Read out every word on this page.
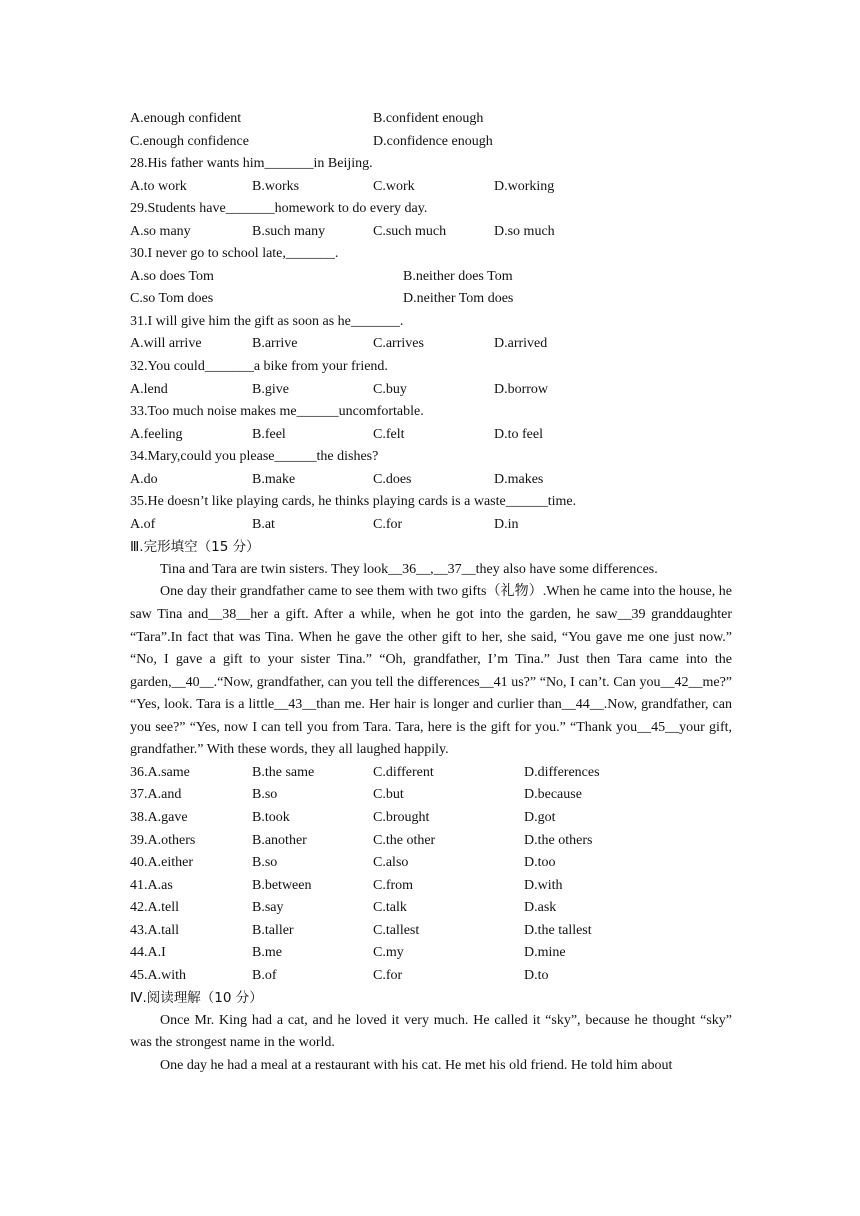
A.enough confident	B.confident enough
C.enough confidence	D.confidence enough
28.His father wants him_______in Beijing.
A.to work	B.works	C.work	D.working
29.Students have_______homework to do every day.
A.so many	B.such many	C.such much	D.so much
30.I never go to school late,_______.
A.so does Tom	B.neither does Tom
C.so Tom does	D.neither Tom does
31.I will give him the gift as soon as he_______.
A.will arrive	B.arrive	C.arrives	D.arrived
32.You could_______a bike from your friend.
A.lend	B.give	C.buy	D.borrow
33.Too much noise makes me______uncomfortable.
A.feeling	B.feel	C.felt	D.to feel
34.Mary,could you please______the dishes?
A.do	B.make	C.does	D.makes
35.He doesn’t like playing cards, he thinks playing cards is a waste______time.
A.of	B.at	C.for	D.in
Ⅲ.完形填空（15 分）

Tina and Tara are twin sisters. They look__36__,__37__they also have some differences.

One day their grandfather came to see them with two gifts（礼物）.When he came into the house, he saw Tina and__38__her a gift. After a while, when he got into the garden, he saw__39 granddaughter “Tara”.In fact that was Tina. When he gave the other gift to her, she said, “You gave me one just now.” “No, I gave a gift to your sister Tina.” “Oh, grandfather, I’m Tina.” Just then Tara came into the garden,__40__.“Now, grandfather, can you tell the differences__41 us?” “No, I can’t. Can you__42__me?” “Yes, look. Tara is a little__43__than me. Her hair is longer and curlier than__44__.Now, grandfather, can you see?” “Yes, now I can tell you from Tara. Tara, here is the gift for you.” “Thank you__45__your gift, grandfather.” With these words, they all laughed happily.

36.A.same	B.the same	C.different	D.differences
37.A.and	B.so	C.but	D.because
38.A.gave	B.took	C.brought	D.got
39.A.others	B.another	C.the other	D.the others
40.A.either	B.so	C.also	D.too
41.A.as	B.between	C.from	D.with
42.A.tell	B.say	C.talk	D.ask
43.A.tall	B.taller	C.tallest	D.the tallest
44.A.I	B.me	C.my	D.mine
45.A.with	B.of	C.for	D.to
Ⅳ.阅读理解（10 分）

Once Mr. King had a cat, and he loved it very much. He called it “sky”, because he thought “sky” was the strongest name in the world.

One day he had a meal at a restaurant with his cat. He met his old friend. He told him about
